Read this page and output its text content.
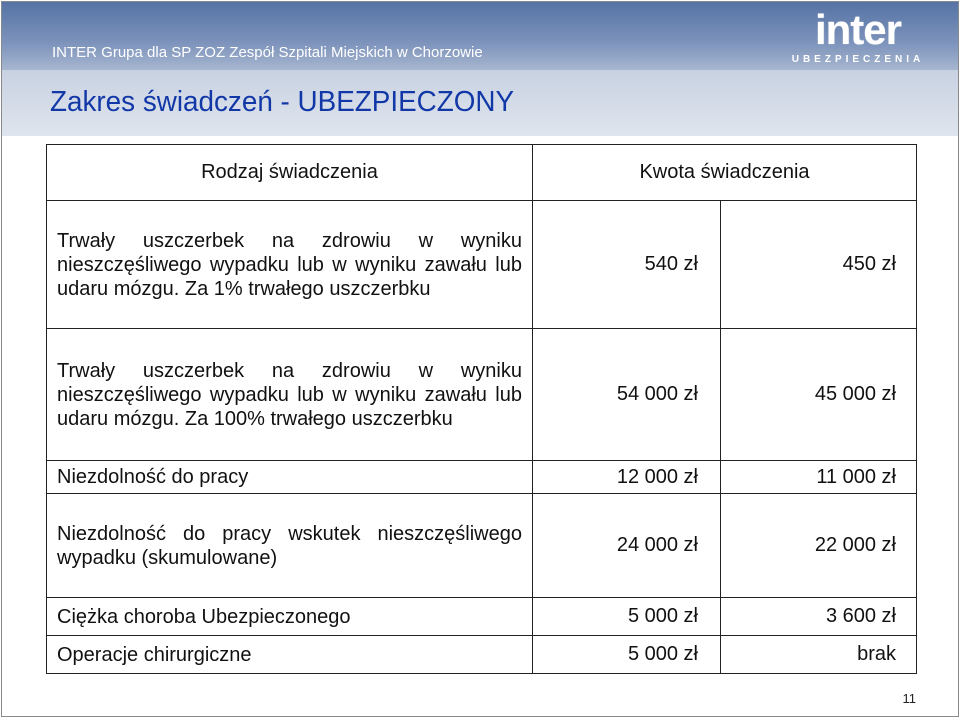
INTER Grupa dla SP ZOZ Zespół Szpitali Miejskich w Chorzowie	inter
UBEZPIECZENIA
Zakres świadczeń - UBEZPIECZONY
Rodzaj świadczenia	Kwota świadczenia	
Trwały uszczerbek na zdrowiu w wyniku nieszczęśliwego wypadku lub w wyniku zawału lub udaru mózgu. Za 1% trwałego uszczerbku	540 zł	450 zł
Trwały uszczerbek na zdrowiu w wyniku nieszczęśliwego wypadku lub w wyniku zawału lub udaru mózgu. Za 100% trwałego uszczerbku	54 000 zł	45 000 zł
Niezdolność do pracy	12 000 zł	11 000 zł
Niezdolność do pracy wskutek nieszczęśliwego wypadku (skumulowane)	24 000 zł	22 000 zł
Ciężka choroba Ubezpieczonego	5 000 zł	3 600 zł
Operacje chirurgiczne	5 000 zł	brak
11
